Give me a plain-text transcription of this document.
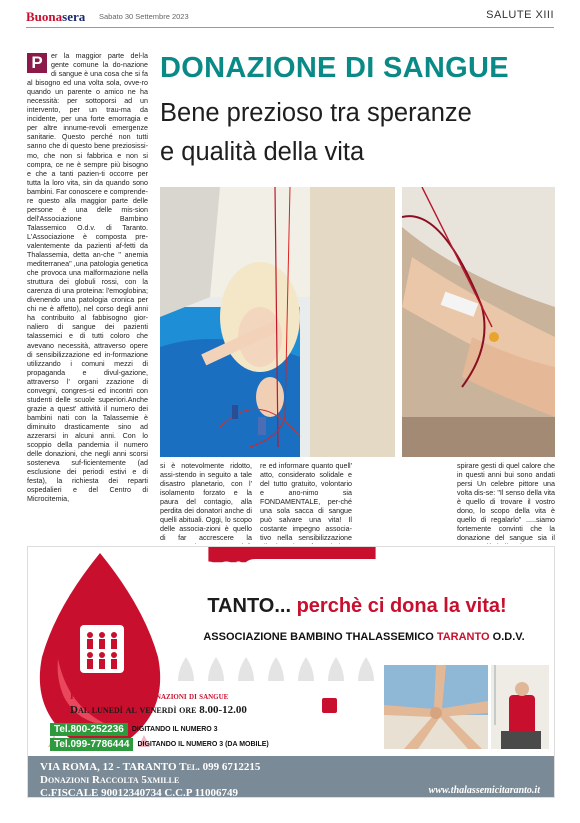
Buonasera Sabato 30 Settembre 2023	SALUTE XIII
P	er la maggior parte del-la gente comune la do-nazione di sangue è una cosa che si fa al bisogno ed una volta sola, ovve-ro quando un parente o amico ne ha necessità: per sottoporsi ad un intervento, per un trau-ma da incidente, per una forte emorragia e per altre innume-revoli emergenze sanitarie. Questo perché non tutti sanno che di questo bene preziosissi-mo, che non si fabbrica e non si compra, ce ne è sempre più bisogno e che a tanti pazien-ti occorre per tutta la loro vita, sin da quando sono bambini. Far conoscere e comprende-re questo alla maggior parte delle persone è una delle mis-sion dell'Associazione Bambino Talassemico O.d.v. di Taranto. L'Associazione è composta pre-valentemente da pazienti af-fetti da Thalassemia, detta an-che " anemia mediterranea" ,una patologia genetica che provoca una malformazione nella struttura dei globuli rossi, con la carenza di una proteina: l'emoglobina; divenendo una patologia cronica per chi ne è affetto), nel corso degli anni ha contribuito al fabbisogno gior-naliero di sangue dei pazienti talassemici e di tutti coloro che avevano necessità, attraverso opere di sensibilizzazione ed in-formazione utilizzando i comuni mezzi di propaganda e divul-gazione, attraverso l' organi zzazione di convegni, congres-si ed incontri con studenti delle scuole superiori.Anche grazie a quest' attività il numero dei bambini nati con la Talassemie è diminuito drasticamente sino ad azzerarsi in alcuni anni. Con lo scoppio della pandemia il numero delle donazioni, che negli anni scorsi sosteneva suf-ficientemente (ad esclusione dei periodi estivi e di festa), la richiesta dei reparti ospedalieri e del Centro di Microcitemia,
DONAZIONE DI SANGUE
Bene prezioso tra speranze
e qualità della vita
si è notevolmente ridotto, assi-stendo in seguito a tale disastro planetario, con l' isolamento forzato e la paura del contagio, alla perdita dei donatori anche di quelli abituali. Oggi, lo scopo delle associa-zioni è quello di far accrescere la
re ed informare quanto quell' atto, considerato solidale e del tutto gratuito, volontario e ano-nimo sia FONDAMENTALE, per-ché una sola sacca di sangue può salvare una vita! Il costante impegno associa-tivo nella sensibilizzazione
spirare gesti di quel calore che in questi anni bui sono andati persi Un celebre pittore una volta dis-se: "Il senso della vita è quello di trovare il vostro dono, lo scopo della vita è quello di regalarlo" .....siamo fortemente convinti che la donazione del sangue sia il
OGNI SINGOLA GOCCIA VALE
TANTO... perchè ci dona la vita!
ASSOCIAZIONE BAMBINO THALASSEMICO TARANTO O.D.V.
Per prenotare le donazioni di sangue
Dal lunedì al venerdì ore 8.00-12.00
Tel.800-252236	DIGITANDO IL NUMERO 3
Tel.099-7786444	DIGITANDO IL NUMERO 3 (DA MOBILE)
VIA ROMA, 12 - TARANTO Tel. 099 6712215
Donazioni Raccolta 5xmille
C.FISCALE 90012340734 C.C.P 11006749	www.thalassemicitaranto.it
